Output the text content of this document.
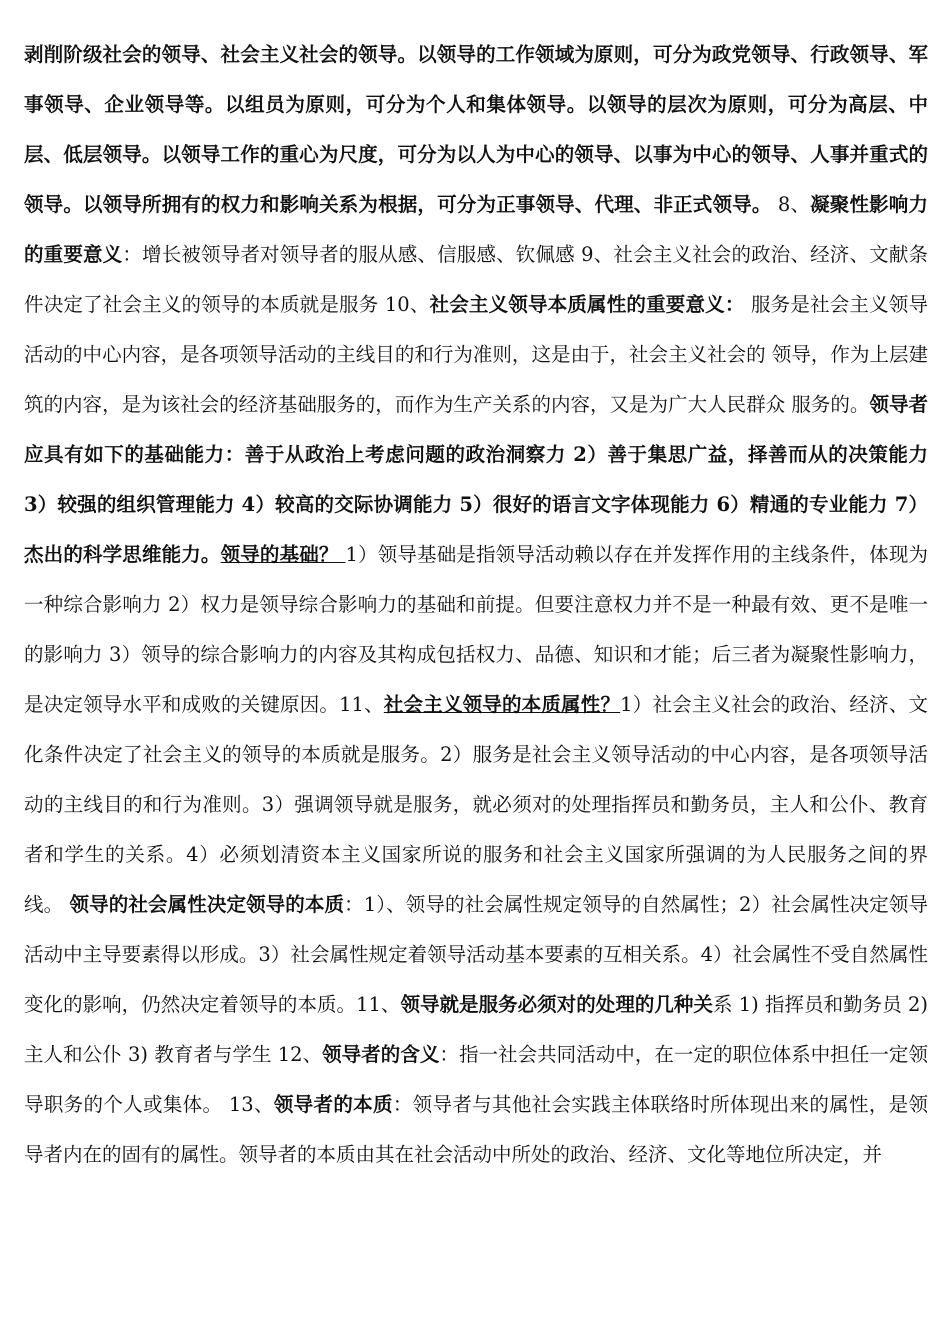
剥削阶级社会的领导、社会主义社会的领导。以领导的工作领域为原则，可分为政党领导、行政领导、军事领导、企业领导等。以组员为原则，可分为个人和集体领导。以领导的层次为原则，可分为高层、中层、低层领导。以领导工作的重心为尺度，可分为以人为中心的领导、以事为中心的领导、人事并重式的领导。以领导所拥有的权力和影响关系为根据，可分为正事领导、代理、非正式领导。 8、凝聚性影响力的重要意义：增长被领导者对领导者的服从感、信服感、钦佩感 9、社会主义社会的政治、经济、文献条件决定了社会主义的领导的本质就是服务 10、社会主义领导本质属性的重要意义： 服务是社会主义领导活动的中心内容，是各项领导活动的主线目的和行为准则，这是由于，社会主义社会的 领导，作为上层建筑的内容，是为该社会的经济基础服务的，而作为生产关系的内容，又是为广大人民群众 服务的。领导者应具有如下的基础能力：善于从政治上考虑问题的政治洞察力 2）善于集思广益，择善而从的决策能力 3）较强的组织管理能力 4）较高的交际协调能力 5）很好的语言文字体现能力 6）精通的专业能力 7）杰出的科学思维能力。领导的基础？ 1）领导基础是指领导活动赖以存在并发挥作用的主线条件，体现为一种综合影响力 2）权力是领导综合影响力的基础和前提。但要注意权力并不是一种最有效、更不是唯一的影响力 3）领导的综合影响力的内容及其构成包括权力、品德、知识和才能；后三者为凝聚性影响力，是决定领导水平和成败的关键原因。11、社会主义领导的本质属性？1）社会主义社会的政治、经济、文化条件决定了社会主义的领导的本质就是服务。2）服务是社会主义领导活动的中心内容，是各项领导活动的主线目的和行为准则。3）强调领导就是服务，就必须对的处理指挥员和勤务员，主人和公仆、教育者和学生的关系。4）必须划清资本主义国家所说的服务和社会主义国家所强调的为人民服务之间的界线。 领导的社会属性决定领导的本质：1）、领导的社会属性规定领导的自然属性；2）社会属性决定领导活动中主导要素得以形成。3）社会属性规定着领导活动基本要素的互相关系。4）社会属性不受自然属性变化的影响，仍然决定着领导的本质。11、领导就是服务必须对的处理的几种关系 1) 指挥员和勤务员 2) 主人和公仆 3) 教育者与学生 12、领导者的含义：指一社会共同活动中，在一定的职位体系中担任一定领导职务的个人或集体。 13、领导者的本质：领导者与其他社会实践主体联络时所体现出来的属性，是领导者内在的固有的属性。领导者的本质由其在社会活动中所处的政治、经济、文化等地位所决定，并
